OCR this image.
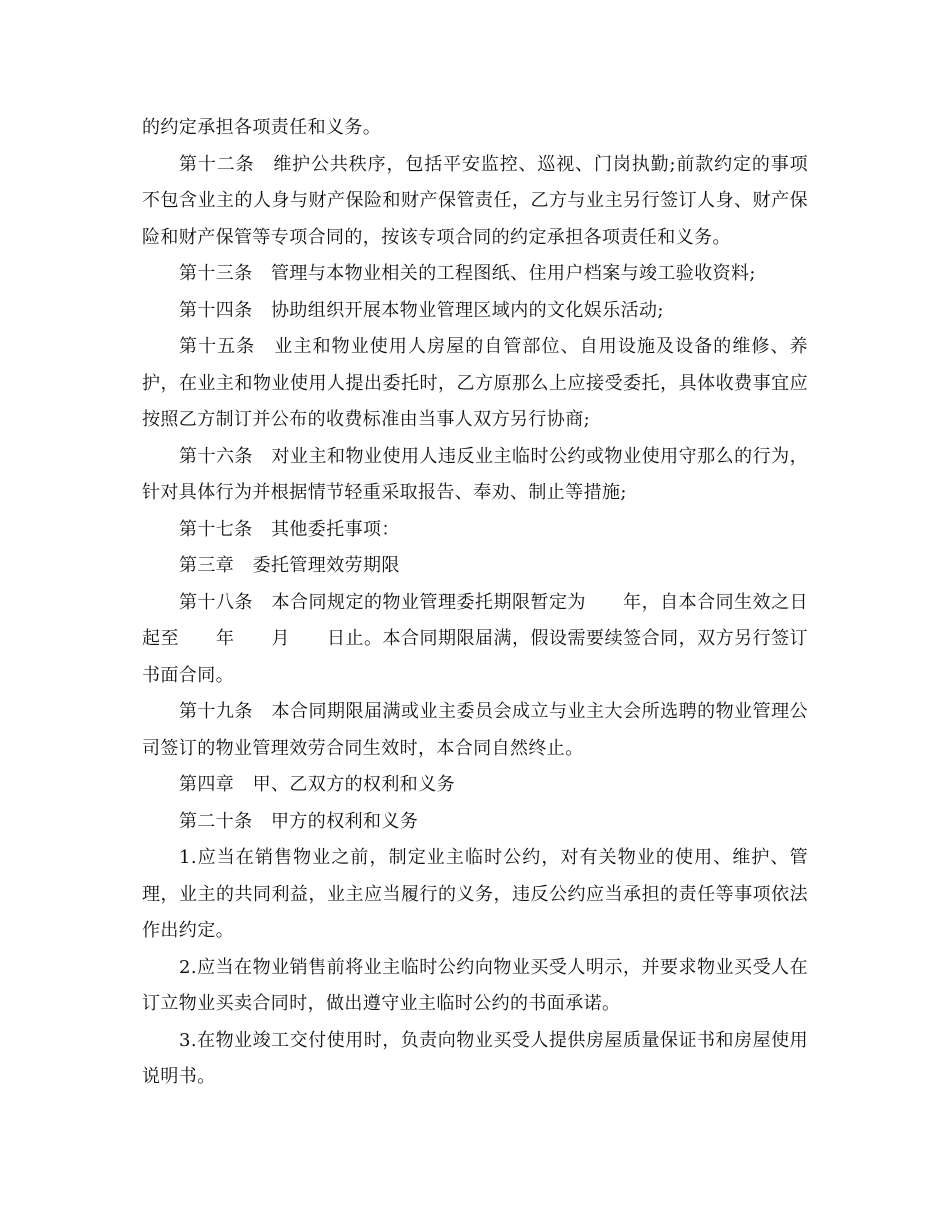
的约定承担各项责任和义务。

第十二条　维护公共秩序，包括平安监控、巡视、门岗执勤;前款约定的事项不包含业主的人身与财产保险和财产保管责任，乙方与业主另行签订人身、财产保险和财产保管等专项合同的，按该专项合同的约定承担各项责任和义务。

第十三条　管理与本物业相关的工程图纸、住用户档案与竣工验收资料;

第十四条　协助组织开展本物业管理区域内的文化娱乐活动;

第十五条　业主和物业使用人房屋的自管部位、自用设施及设备的维修、养护，在业主和物业使用人提出委托时，乙方原那么上应接受委托，具体收费事宜应按照乙方制订并公布的收费标准由当事人双方另行协商;

第十六条　对业主和物业使用人违反业主临时公约或物业使用守那么的行为，针对具体行为并根据情节轻重采取报告、奉劝、制止等措施;

第十七条　其他委托事项：

第三章　委托管理效劳期限

第十八条　本合同规定的物业管理委托期限暂定为　　年，自本合同生效之日起至　　年　　月　　日止。本合同期限届满，假设需要续签合同，双方另行签订书面合同。

第十九条　本合同期限届满或业主委员会成立与业主大会所选聘的物业管理公司签订的物业管理效劳合同生效时，本合同自然终止。

第四章　甲、乙双方的权利和义务

第二十条　甲方的权利和义务

1.应当在销售物业之前，制定业主临时公约，对有关物业的使用、维护、管理，业主的共同利益，业主应当履行的义务，违反公约应当承担的责任等事项依法作出约定。

2.应当在物业销售前将业主临时公约向物业买受人明示，并要求物业买受人在订立物业买卖合同时，做出遵守业主临时公约的书面承诺。

3.在物业竣工交付使用时，负责向物业买受人提供房屋质量保证书和房屋使用说明书。
